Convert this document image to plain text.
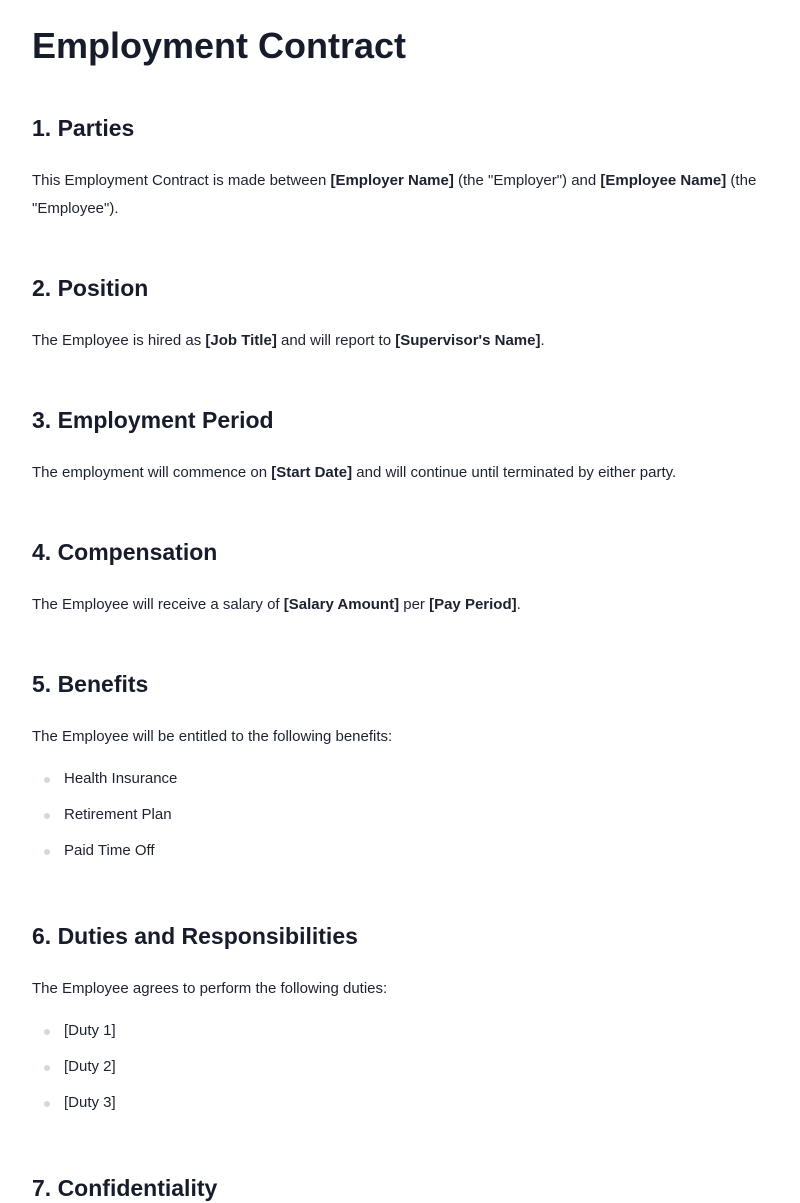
Employment Contract
1. Parties

This Employment Contract is made between [Employer Name] (the "Employer") and [Employee Name] (the "Employee").

2. Position

The Employee is hired as [Job Title] and will report to [Supervisor's Name].

3. Employment Period

The employment will commence on [Start Date] and will continue until terminated by either party.

4. Compensation

The Employee will receive a salary of [Salary Amount] per [Pay Period].

5. Benefits

The Employee will be entitled to the following benefits:

Health Insurance
Retirement Plan
Paid Time Off
6. Duties and Responsibilities

The Employee agrees to perform the following duties:

[Duty 1]
[Duty 2]
[Duty 3]
7. Confidentiality
